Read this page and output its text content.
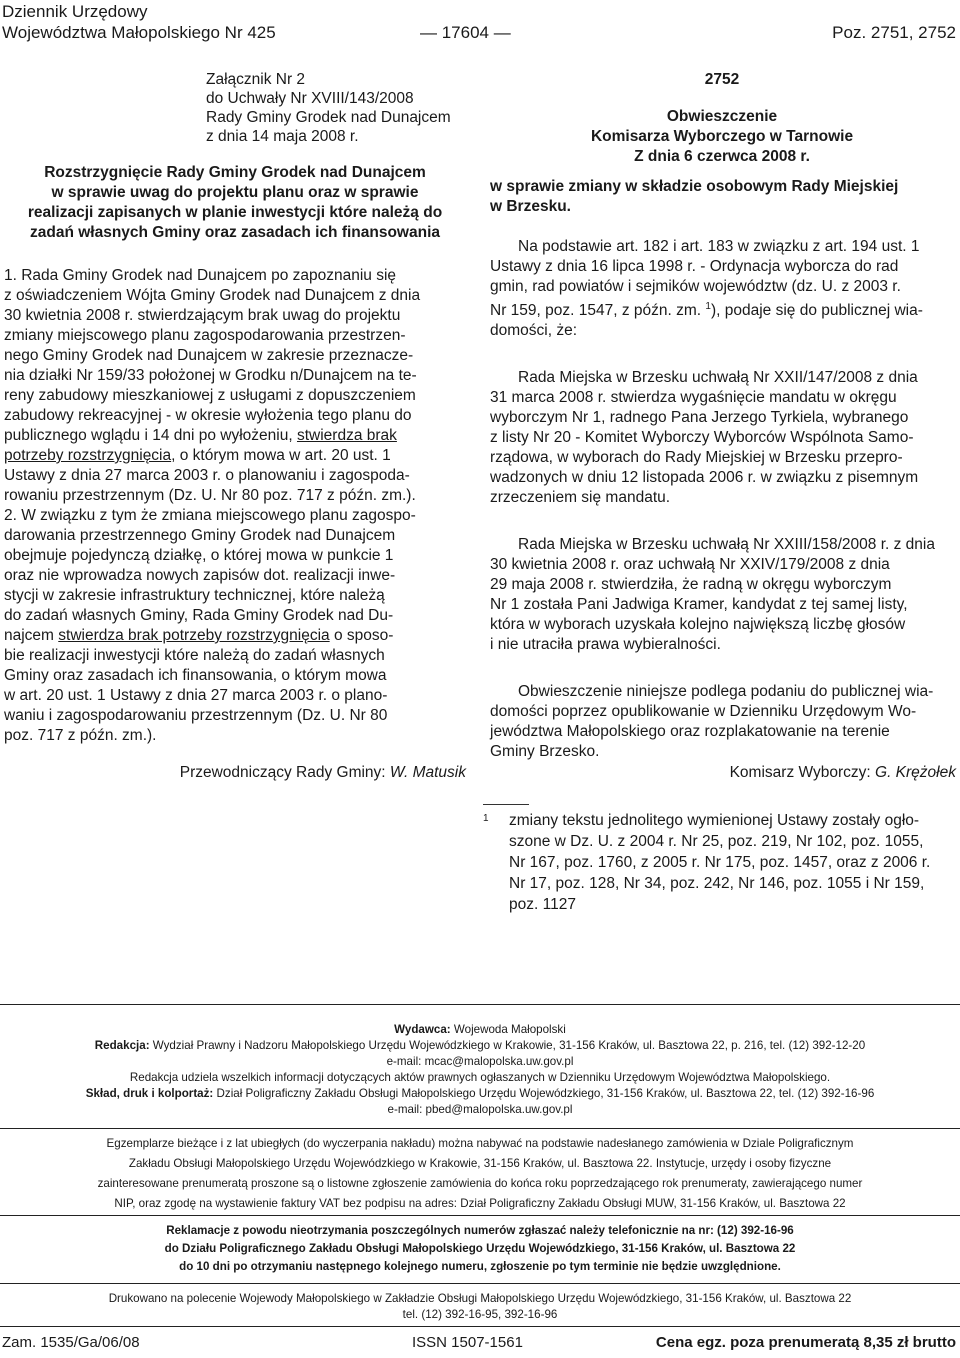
Dziennik Urzędowy
Województwa Małopolskiego Nr 425	— 17604 —	Poz. 2751, 2752
Załącznik Nr 2
do Uchwały Nr XVIII/143/2008
Rady Gminy Grodek nad Dunajcem
z dnia 14 maja 2008 r.
Rozstrzygnięcie Rady Gminy Grodek nad Dunajcem
w sprawie uwag do projektu planu oraz w sprawie
realizacji zapisanych w planie inwestycji które należą do
zadań własnych Gminy oraz zasadach ich finansowania
1. Rada Gminy Grodek nad Dunajcem po zapoznaniu się
z oświadczeniem Wójta Gminy Grodek nad Dunajcem z dnia
30 kwietnia 2008 r. stwierdzającym brak uwag do projektu
zmiany miejscowego planu zagospodarowania przestrzen-
nego Gminy Grodek nad Dunajcem w zakresie przeznacze-
nia działki Nr 159/33 położonej w Grodku n/Dunajcem na te-
reny zabudowy mieszkaniowej z usługami z dopuszczeniem
zabudowy rekreacyjnej - w okresie wyłożenia tego planu do
publicznego wglądu i 14 dni po wyłożeniu, stwierdza brak
potrzeby rozstrzygnięcia, o którym mowa w art. 20 ust. 1
Ustawy z dnia 27 marca 2003 r. o planowaniu i zagospoda-
rowaniu przestrzennym (Dz. U. Nr 80 poz. 717 z późn. zm.).
2. W związku z tym że zmiana miejscowego planu zagospo-
darowania przestrzennego Gminy Grodek nad Dunajcem
obejmuje pojedynczą działkę, o której mowa w punkcie 1
oraz nie wprowadza nowych zapisów dot. realizacji inwe-
stycji w zakresie infrastruktury technicznej, które należą
do zadań własnych Gminy, Rada Gminy Grodek nad Du-
najcem stwierdza brak potrzeby rozstrzygnięcia o sposo-
bie realizacji inwestycji które należą do zadań własnych
Gminy oraz zasadach ich finansowania, o którym mowa
w art. 20 ust. 1 Ustawy z dnia 27 marca 2003 r. o plano-
waniu i zagospodarowaniu przestrzennym (Dz. U. Nr 80
poz. 717 z późn. zm.).
Przewodniczący Rady Gminy: W. Matusik
2752
Obwieszczenie
Komisarza Wyborczego w Tarnowie
Z dnia 6 czerwca 2008 r.
w sprawie zmiany w składzie osobowym Rady Miejskiej
w Brzesku.
Na podstawie art. 182 i art. 183 w związku z art. 194 ust. 1
Ustawy z dnia 16 lipca 1998 r. - Ordynacja wyborcza do rad
gmin, rad powiatów i sejmików województw (dz. U. z 2003 r.
Nr 159, poz. 1547, z późn. zm. $^1$), podaje się do publicznej wia-
domości, że:
Rada Miejska w Brzesku uchwałą Nr XXII/147/2008 z dnia
31 marca 2008 r. stwierdza wygaśnięcie mandatu w okręgu
wyborczym Nr 1, radnego Pana Jerzego Tyrkiela, wybranego
z listy Nr 20 - Komitet Wyborczy Wyborców Wspólnota Samo-
rządowa, w wyborach do Rady Miejskiej w Brzesku przepro-
wadzonych w dniu 12 listopada 2006 r. w związku z pisemnym
zrzeczeniem się mandatu.
Rada Miejska w Brzesku uchwałą Nr XXIII/158/2008 r. z dnia
30 kwietnia 2008 r. oraz uchwałą Nr XXIV/179/2008 z dnia
29 maja 2008 r. stwierdziła, że radną w okręgu wyborczym
Nr 1 została Pani Jadwiga Kramer, kandydat z tej samej listy,
która w wyborach uzyskała kolejno największą liczbę głosów
i nie utraciła prawa wybieralności.
Obwieszczenie niniejsze podlega podaniu do publicznej wia-
domości poprzez opublikowanie w Dzienniku Urzędowym Wo-
jewództwa Małopolskiego oraz rozplakatowanie na terenie
Gminy Brzesko.
Komisarz Wyborczy: G. Krężołek
1 zmiany tekstu jednolitego wymienionej Ustawy zostały ogło-
szone w Dz. U. z 2004 r. Nr 25, poz. 219, Nr 102, poz. 1055,
Nr 167, poz. 1760, z 2005 r. Nr 175, poz. 1457, oraz z 2006 r.
Nr 17, poz. 128, Nr 34, poz. 242, Nr 146, poz. 1055 i Nr 159,
poz. 1127
Wydawca: Wojewoda Małopolski
Redakcja: Wydział Prawny i Nadzoru Małopolskiego Urzędu Wojewódzkiego w Krakowie, 31-156 Kraków, ul. Basztowa 22, p. 216, tel. (12) 392-12-20
e-mail: mcac@malopolska.uw.gov.pl
Redakcja udziela wszelkich informacji dotyczących aktów prawnych ogłaszanych w Dzienniku Urzędowym Województwa Małopolskiego.
Skład, druk i kolportaż: Dział Poligraficzny Zakładu Obsługi Małopolskiego Urzędu Wojewódzkiego, 31-156 Kraków, ul. Basztowa 22, tel. (12) 392-16-96
e-mail: pbed@malopolska.uw.gov.pl
Egzemplarze bieżące i z lat ubiegłych (do wyczerpania nakładu) można nabywać na podstawie nadesłanego zamówienia w Dziale Poligraficznym
Zakładu Obsługi Małopolskiego Urzędu Wojewódzkiego w Krakowie, 31-156 Kraków, ul. Basztowa 22. Instytucje, urzędy i osoby fizyczne
zainteresowane prenumeratą proszone są o listowne zgłoszenie zamówienia do końca roku poprzedzającego rok prenumeraty, zawierającego numer
NIP, oraz zgodę na wystawienie faktury VAT bez podpisu na adres: Dział Poligraficzny Zakładu Obsługi MUW, 31-156 Kraków, ul. Basztowa 22
Reklamacje z powodu nieotrzymania poszczególnych numerów zgłaszać należy telefonicznie na nr: (12) 392-16-96
do Działu Poligraficznego Zakładu Obsługi Małopolskiego Urzędu Wojewódzkiego, 31-156 Kraków, ul. Basztowa 22
do 10 dni po otrzymaniu następnego kolejnego numeru, zgłoszenie po tym terminie nie będzie uwzględnione.
Drukowano na polecenie Wojewody Małopolskiego w Zakładzie Obsługi Małopolskiego Urzędu Wojewódzkiego, 31-156 Kraków, ul. Basztowa 22
tel. (12) 392-16-95, 392-16-96
Zam. 1535/Ga/06/08	ISSN 1507-1561	Cena egz. poza prenumeratą 8,35 zł brutto
